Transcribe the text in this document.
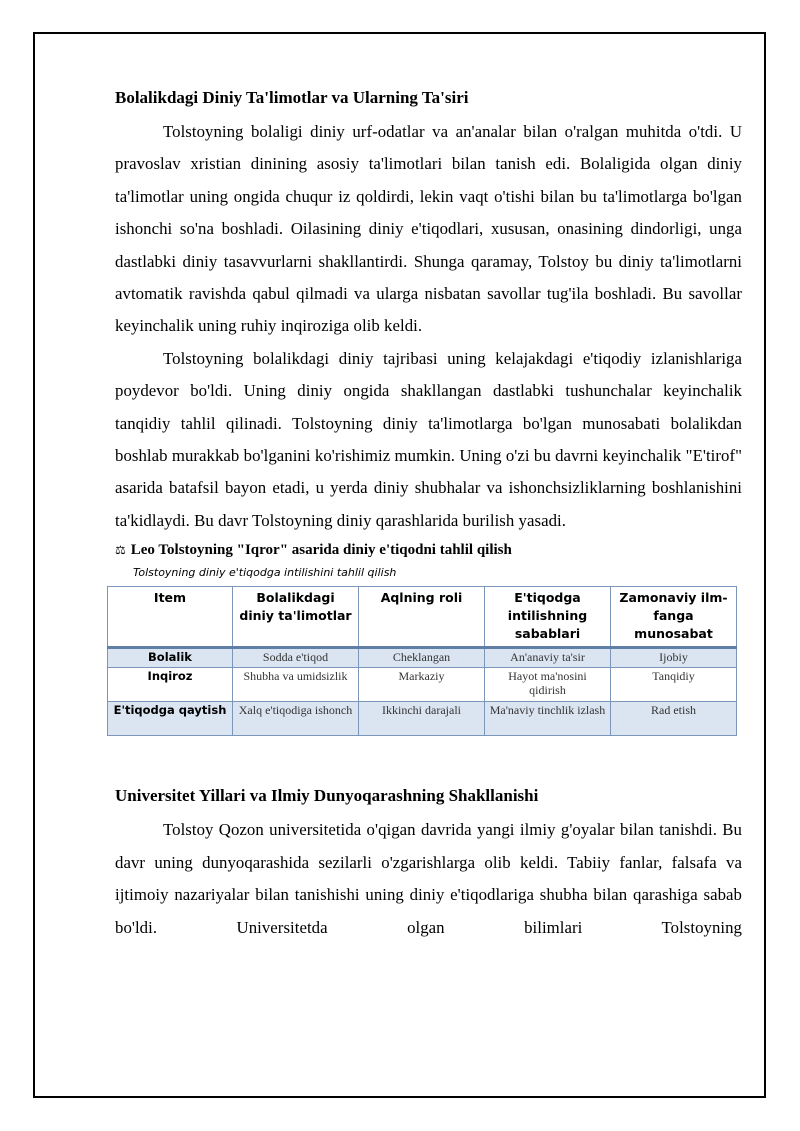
Bolalikdagi Diniy Ta'limotlar va Ularning Ta'siri

Tolstoyning bolaligi diniy urf-odatlar va an'analar bilan o'ralgan muhitda o'tdi. U pravoslav xristian dinining asosiy ta'limotlari bilan tanish edi. Bolaligida olgan diniy ta'limotlar uning ongida chuqur iz qoldirdi, lekin vaqt o'tishi bilan bu ta'limotlarga bo'lgan ishonchi so'na boshladi. Oilasining diniy e'tiqodlari, xususan, onasining dindorligi, unga dastlabki diniy tasavvurlarni shakllantirdi. Shunga qaramay, Tolstoy bu diniy ta'limotlarni avtomatik ravishda qabul qilmadi va ularga nisbatan savollar tug'ila boshladi. Bu savollar keyinchalik uning ruhiy inqiroziga olib keldi.

Tolstoyning bolalikdagi diniy tajribasi uning kelajakdagi e'tiqodiy izlanishlariga poydevor bo'ldi. Uning diniy ongida shakllangan dastlabki tushunchalar keyinchalik tanqidiy tahlil qilinadi. Tolstoyning diniy ta'limotlarga bo'lgan munosabati bolalikdan boshlab murakkab bo'lganini ko'rishimiz mumkin. Uning o'zi bu davrni keyinchalik "E'tirof" asarida batafsil bayon etadi, u yerda diniy shubhalar va ishonchsizliklarning boshlanishini ta'kidlaydi. Bu davr Tolstoyning diniy qarashlarida burilish yasadi.

⚖ Leo Tolstoyning "Iqror" asarida diniy e'tiqodni tahlil qilish
Tolstoyning diniy e'tiqodga intilishini tahlil qilish
Item	Bolalikdagi diniy ta'limotlar	Aqlning roli	E'tiqodga intilishning sabablari	Zamonaviy ilm-fanga munosabat
Bolalik	Sodda e'tiqod	Cheklangan	An'anaviy ta'sir	Ijobiy
Inqiroz	Shubha va umidsizlik	Markaziy	Hayot ma'nosini qidirish	Tanqidiy
E'tiqodga qaytish	Xalq e'tiqodiga ishonch	Ikkinchi darajali	Ma'naviy tinchlik izlash	Rad etish
Universitet Yillari va Ilmiy Dunyoqarashning Shakllanishi

Tolstoy Qozon universitetida o'qigan davrida yangi ilmiy g'oyalar bilan tanishdi. Bu davr uning dunyoqarashida sezilarli o'zgarishlarga olib keldi. Tabiiy fanlar, falsafa va ijtimoiy nazariyalar bilan tanishishi uning diniy e'tiqodlariga shubha bilan qarashiga sabab bo'ldi. Universitetda olgan bilimlari Tolstoyning
